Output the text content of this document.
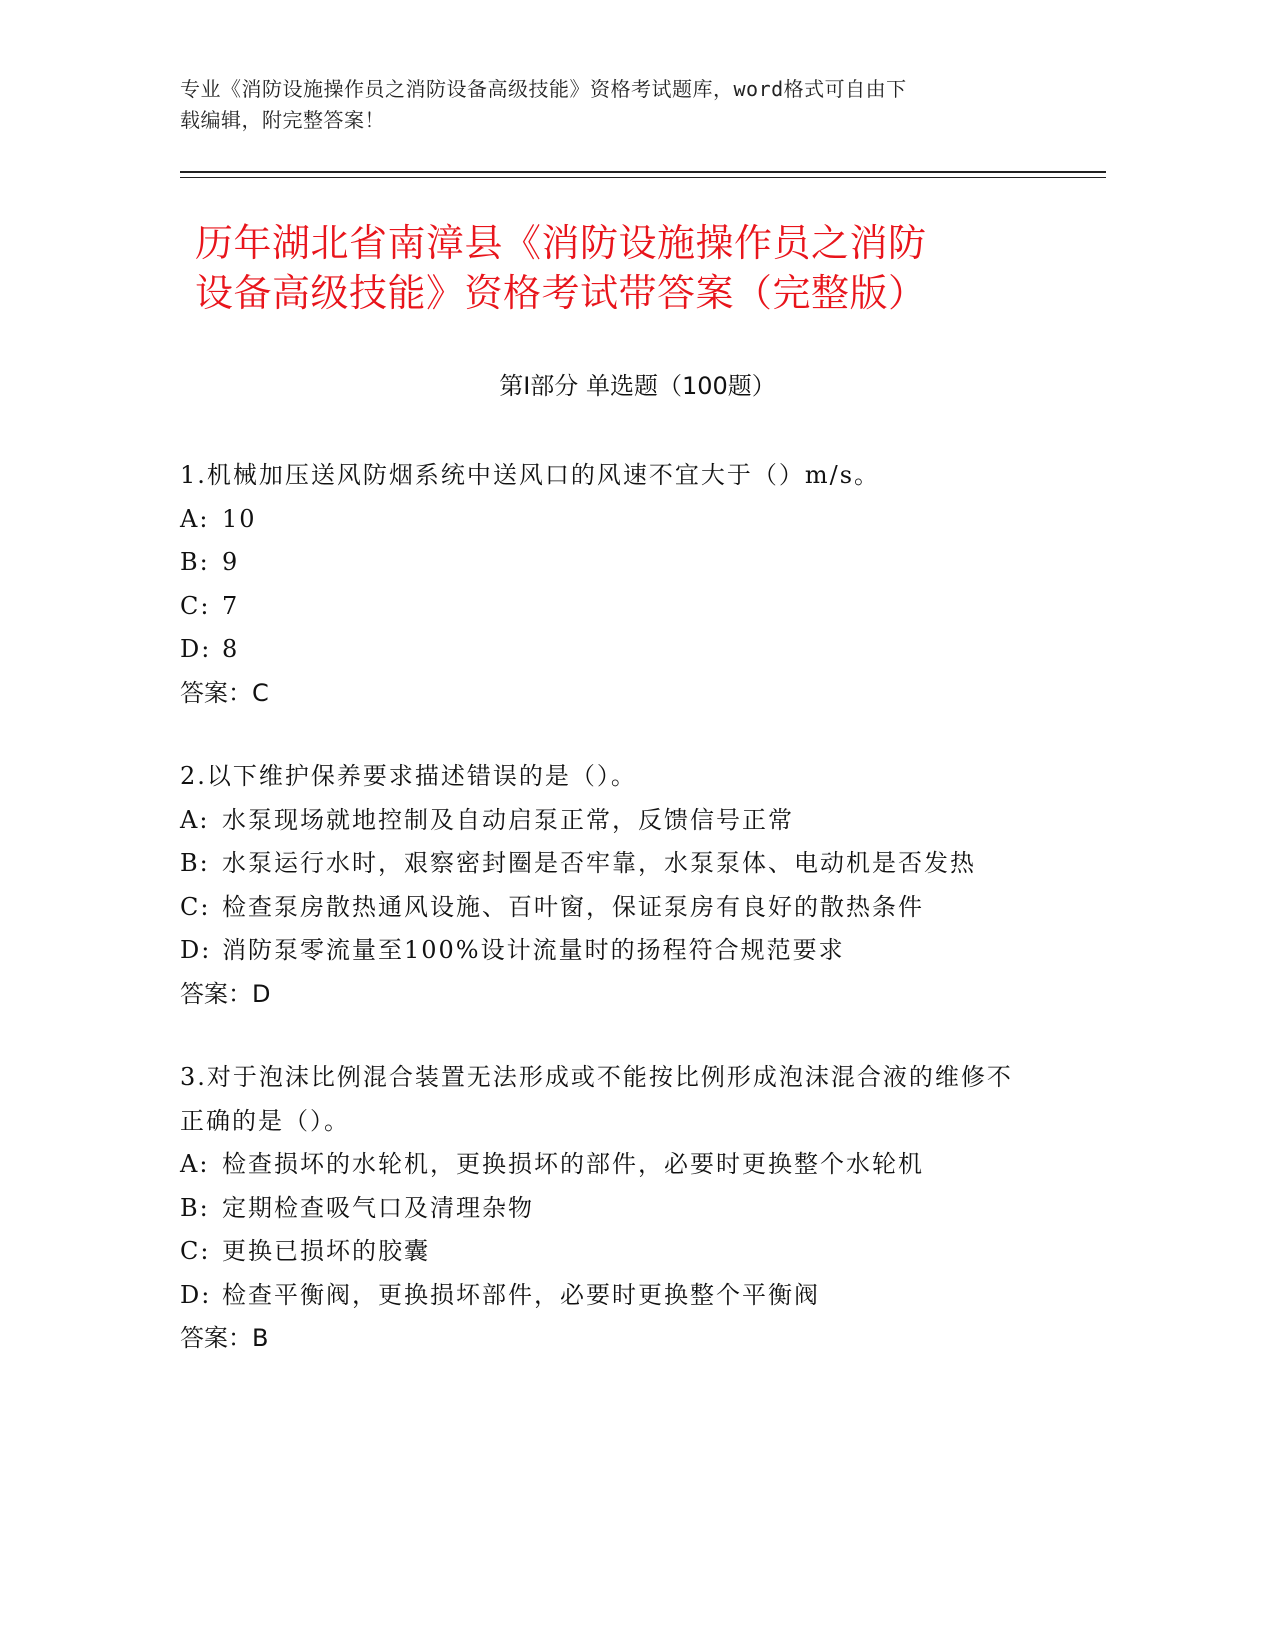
专业《消防设施操作员之消防设备高级技能》资格考试题库，word格式可自由下
载编辑，附完整答案！
历年湖北省南漳县《消防设施操作员之消防
设备高级技能》资格考试带答案（完整版）
第Ⅰ部分 单选题（100题）
1.机械加压送风防烟系统中送风口的风速不宜大于（）m/s。
A: 10
B: 9
C: 7
D: 8
答案：C
2.以下维护保养要求描述错误的是（）。
A: 水泵现场就地控制及自动启泵正常，反馈信号正常
B: 水泵运行水时，艰察密封圈是否牢靠，水泵泵体、电动机是否发热
C: 检查泵房散热通风设施、百叶窗，保证泵房有良好的散热条件
D: 消防泵零流量至100%设计流量时的扬程符合规范要求
答案：D
3.对于泡沫比例混合装置无法形成或不能按比例形成泡沫混合液的维修不正确的是（）。
A: 检查损坏的水轮机，更换损坏的部件，必要时更换整个水轮机
B: 定期检查吸气口及清理杂物
C: 更换已损坏的胶囊
D: 检查平衡阀，更换损坏部件，必要时更换整个平衡阀
答案：B
